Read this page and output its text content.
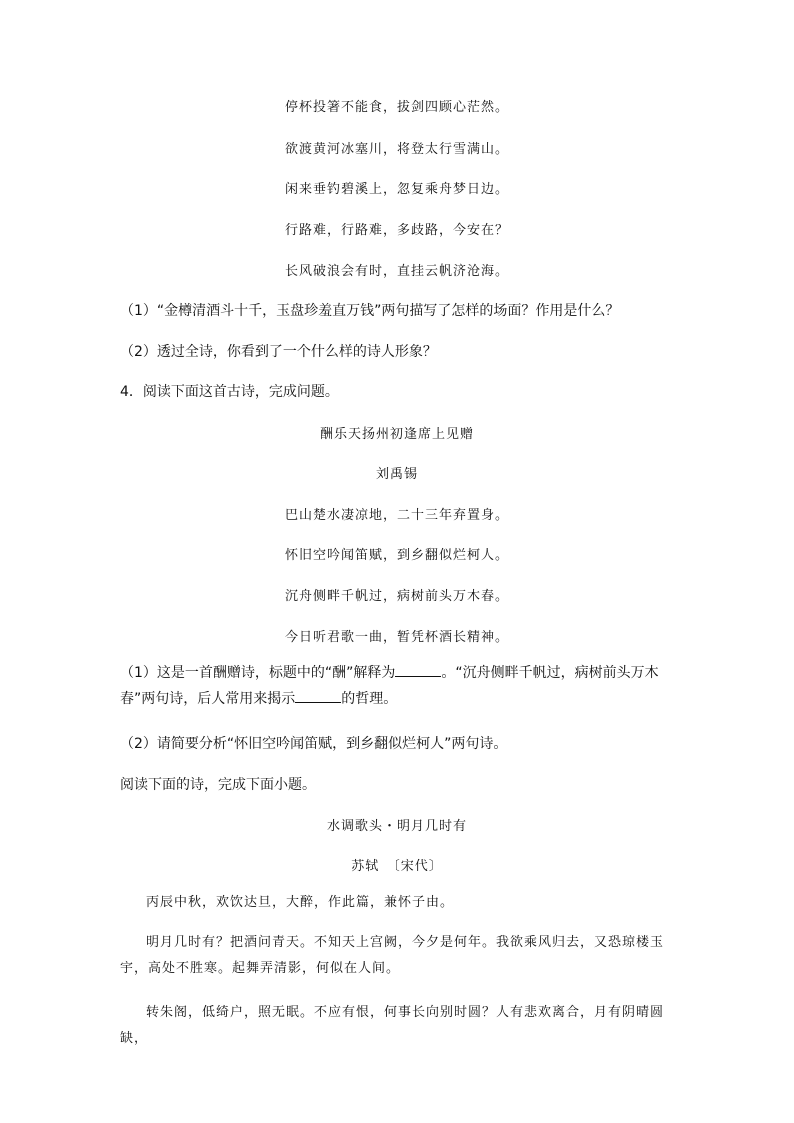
停杯投箸不能食，拔剑四顾心茫然。
欲渡黄河冰塞川，将登太行雪满山。
闲来垂钓碧溪上，忽复乘舟梦日边。
行路难，行路难，多歧路，今安在？
长风破浪会有时，直挂云帆济沧海。
（1）“金樽清酒斗十千，玉盘珍羞直万钱”两句描写了怎样的场面？作用是什么？
（2）透过全诗，你看到了一个什么样的诗人形象？
4．阅读下面这首古诗，完成问题。
酬乐天扬州初逢席上见赠
刘禹锡
巴山楚水凄凉地，二十三年弃置身。
怀旧空吟闻笛赋，到乡翻似烂柯人。
沉舟侧畔千帆过，病树前头万木春。
今日听君歌一曲，暂凭杯酒长精神。
（1）这是一首酬赠诗，标题中的“酬”解释为	。“沉舟侧畔千帆过，病树前头万木春”两句诗，后人常用来揭示	的哲理。
（2）请简要分析“怀旧空吟闻笛赋，到乡翻似烂柯人”两句诗。
阅读下面的诗，完成下面小题。
水调歌头・明月几时有
苏轼　〔宋代〕
丙辰中秋，欢饮达旦，大醉，作此篇，兼怀子由。
明月几时有？把酒问青天。不知天上宫阙，今夕是何年。我欲乘风归去，又恐琼楼玉宇，高处不胜寒。起舞弄清影，何似在人间。
转朱阁，低绮户，照无眠。不应有恨，何事长向别时圆？人有悲欢离合，月有阴晴圆缺，
